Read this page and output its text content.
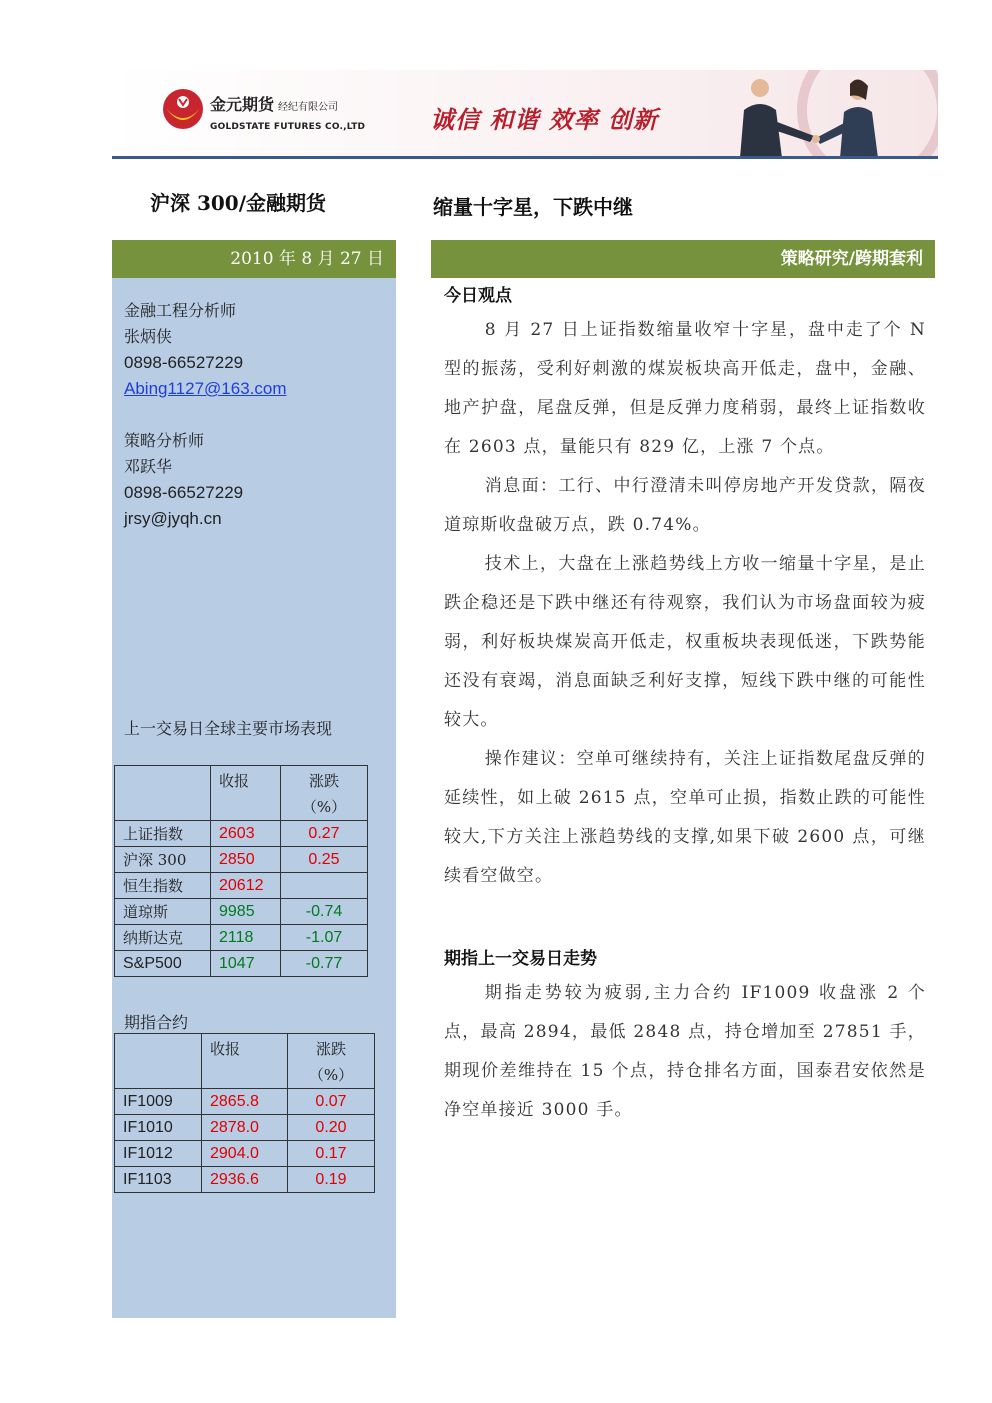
金元期货 经纪有限公司
GOLDSTATE FUTURES CO.,LTD	诚信 和谐 效率 创新
沪深 300/金融期货	缩量十字星，下跌中继
2010 年 8 月 27 日
金融工程分析师
张炳侠
0898-66527229
Abing1127@163.com
策略分析师
邓跃华
0898-66527229
jrsy@jyqh.cn
上一交易日全球主要市场表现
	收报	涨跌
（%）

上证指数	2603	0.27
沪深 300	2850	0.25
恒生指数	20612	
道琼斯	9985	-0.74
纳斯达克	2118	-1.07
S&P500	1047	-0.77
期指合约
	收报	涨跌
（%）

IF1009	2865.8	0.07
IF1010	2878.0	0.20
IF1012	2904.0	0.17
IF1103	2936.6	0.19
策略研究/跨期套利
今日观点

8 月 27 日上证指数缩量收窄十字星，盘中走了个 N 型的振荡，受利好刺激的煤炭板块高开低走，盘中，金融、地产护盘，尾盘反弹，但是反弹力度稍弱，最终上证指数收在 2603 点，量能只有 829 亿，上涨 7 个点。

消息面：工行、中行澄清未叫停房地产开发贷款，隔夜道琼斯收盘破万点，跌 0.74%。

技术上，大盘在上涨趋势线上方收一缩量十字星，是止跌企稳还是下跌中继还有待观察，我们认为市场盘面较为疲弱，利好板块煤炭高开低走，权重板块表现低迷，下跌势能还没有衰竭，消息面缺乏利好支撑，短线下跌中继的可能性较大。

操作建议：空单可继续持有，关注上证指数尾盘反弹的延续性，如上破 2615 点，空单可止损，指数止跌的可能性较大,下方关注上涨趋势线的支撑,如果下破 2600 点，可继续看空做空。

期指上一交易日走势

期指走势较为疲弱,主力合约 IF1009 收盘涨 2 个点，最高 2894，最低 2848 点，持仓增加至 27851 手，期现价差维持在 15 个点，持仓排名方面，国泰君安依然是净空单接近 3000 手。
